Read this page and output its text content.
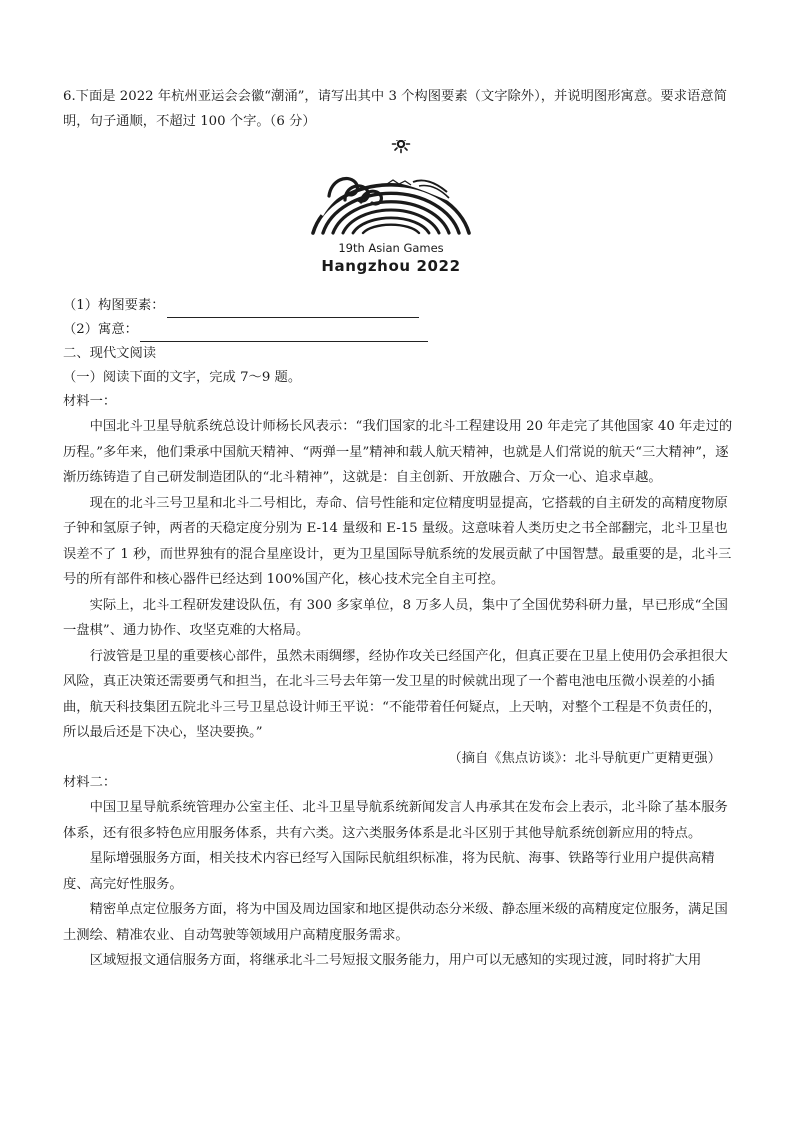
6.下面是 2022 年杭州亚运会会徽“潮涌”，请写出其中 3 个构图要素（文字除外），并说明图形寓意。要求语意简明，句子通顺，不超过 100 个字。（6 分）

19th Asian Games
Hangzhou 2022
（1）构图要素：
（2）寓意：
二、现代文阅读
（一）阅读下面的文字，完成 7～9 题。
材料一：

中国北斗卫星导航系统总设计师杨长风表示：“我们国家的北斗工程建设用 20 年走完了其他国家 40 年走过的历程。”多年来，他们秉承中国航天精神、“两弹一星”精神和载人航天精神，也就是人们常说的航天“三大精神”，逐渐历练铸造了自己研发制造团队的“北斗精神”，这就是：自主创新、开放融合、万众一心、追求卓越。

现在的北斗三号卫星和北斗二号相比，寿命、信号性能和定位精度明显提高，它搭载的自主研发的高精度物原子钟和氢原子钟，两者的天稳定度分别为 E-14 量级和 E-15 量级。这意味着人类历史之书全部翻完，北斗卫星也误差不了 1 秒，而世界独有的混合星座设计，更为卫星国际导航系统的发展贡献了中国智慧。最重要的是，北斗三号的所有部件和核心器件已经达到 100%国产化，核心技术完全自主可控。

实际上，北斗工程研发建设队伍，有 300 多家单位，8 万多人员，集中了全国优势科研力量，早已形成“全国一盘棋”、通力协作、攻坚克难的大格局。

行波管是卫星的重要核心部件，虽然未雨绸缪，经协作攻关已经国产化，但真正要在卫星上使用仍会承担很大风险，真正决策还需要勇气和担当，在北斗三号去年第一发卫星的时候就出现了一个蓄电池电压微小误差的小插曲，航天科技集团五院北斗三号卫星总设计师王平说：“不能带着任何疑点，上天呐，对整个工程是不负责任的，所以最后还是下决心，坚决要换。”

（摘自《焦点访谈》：北斗导航更广更精更强）
材料二：

中国卫星导航系统管理办公室主任、北斗卫星导航系统新闻发言人冉承其在发布会上表示，北斗除了基本服务体系，还有很多特色应用服务体系，共有六类。这六类服务体系是北斗区别于其他导航系统创新应用的特点。

星际增强服务方面，相关技术内容已经写入国际民航组织标准，将为民航、海事、铁路等行业用户提供高精度、高完好性服务。

精密单点定位服务方面，将为中国及周边国家和地区提供动态分米级、静态厘米级的高精度定位服务，满足国土测绘、精准农业、自动驾驶等领域用户高精度服务需求。

区域短报文通信服务方面，将继承北斗二号短报文服务能力，用户可以无感知的实现过渡，同时将扩大用
